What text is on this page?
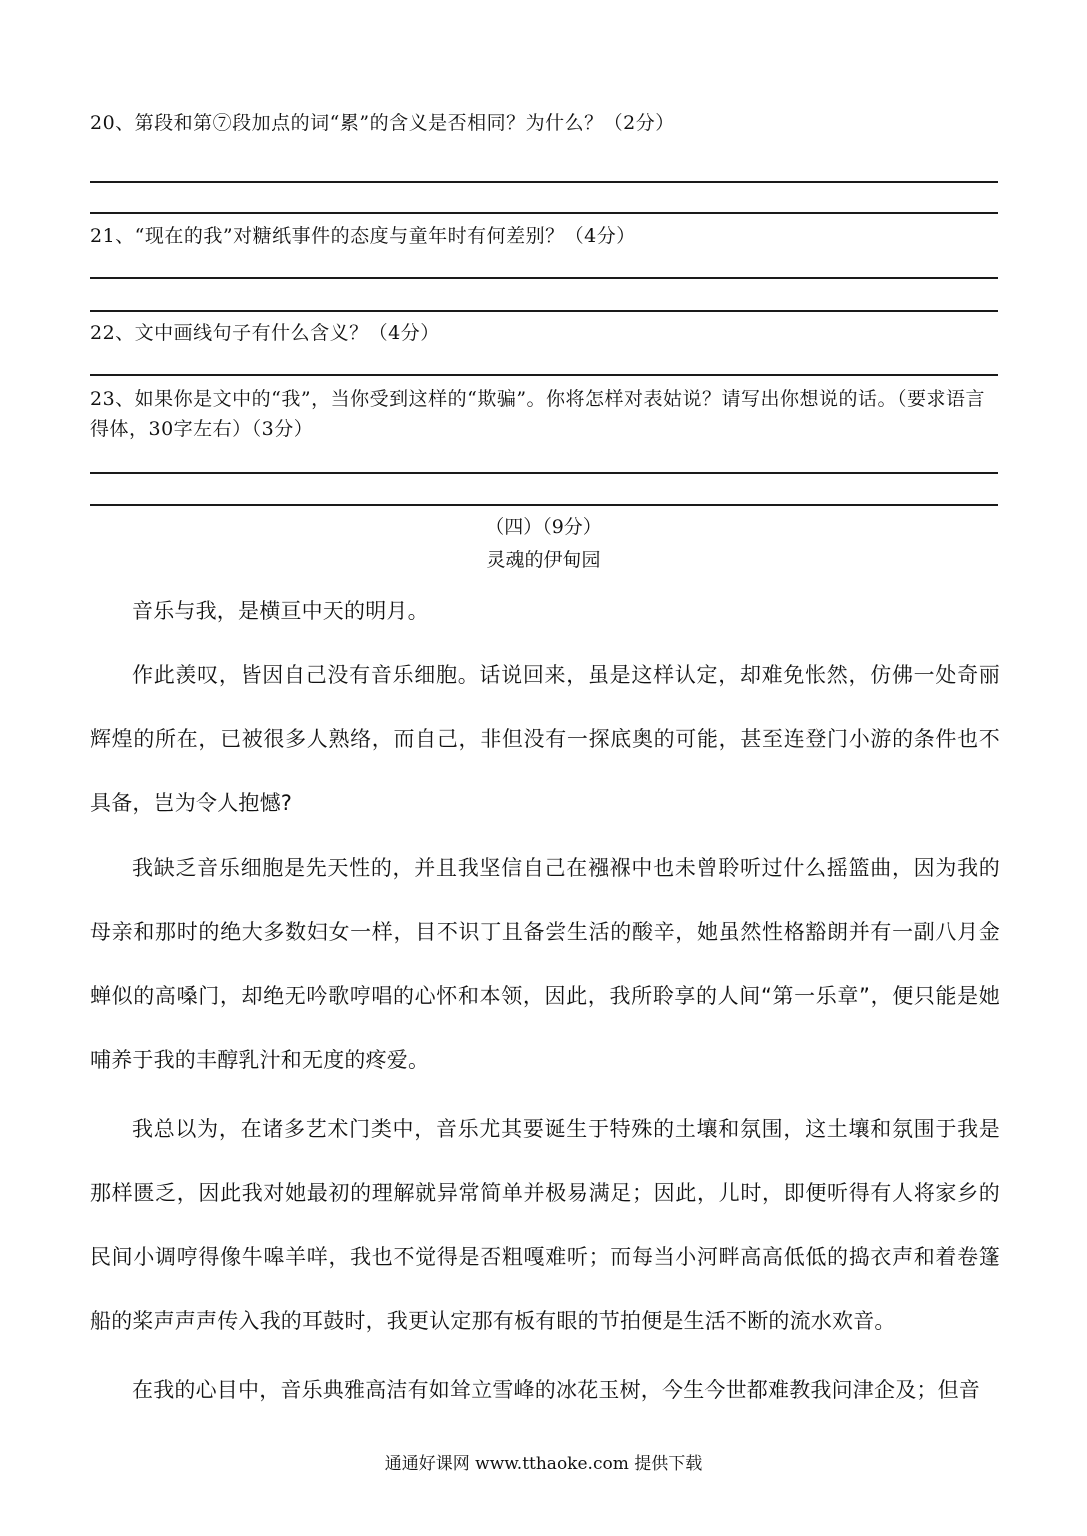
20、第段和第⑦段加点的词“累”的含义是否相同？为什么？（2分）
21、“现在的我”对糖纸事件的态度与童年时有何差别？（4分）
22、文中画线句子有什么含义？（4分）
23、如果你是文中的“我”，当你受到这样的“欺骗”。你将怎样对表姑说？请写出你想说的话。（要求语言得体，30字左右）（3分）
（四）（9分）
灵魂的伊甸园
音乐与我，是横亘中天的明月。
作此羡叹，皆因自己没有音乐细胞。话说回来，虽是这样认定，却难免怅然，仿佛一处奇丽辉煌的所在，已被很多人熟络，而自己，非但没有一探底奥的可能，甚至连登门小游的条件也不具备，岂为令人抱憾?
我缺乏音乐细胞是先天性的，并且我坚信自己在襁褓中也未曾聆听过什么摇篮曲，因为我的母亲和那时的绝大多数妇女一样，目不识丁且备尝生活的酸辛，她虽然性格豁朗并有一副八月金蝉似的高嗓门，却绝无吟歌哼唱的心怀和本领，因此，我所聆享的人间“第一乐章”，便只能是她哺养于我的丰醇乳汁和无度的疼爱。
我总以为，在诸多艺术门类中，音乐尤其要诞生于特殊的土壤和氛围，这土壤和氛围于我是那样匮乏，因此我对她最初的理解就异常简单并极易满足；因此，儿时，即便听得有人将家乡的民间小调哼得像牛嗥羊咩，我也不觉得是否粗嘎难听；而每当小河畔高高低低的捣衣声和着卷篷船的桨声声声传入我的耳鼓时，我更认定那有板有眼的节拍便是生活不断的流水欢音。
在我的心目中，音乐典雅高洁有如耸立雪峰的冰花玉树，今生今世都难教我问津企及；但音
通通好课网 www.tthaoke.com 提供下载
